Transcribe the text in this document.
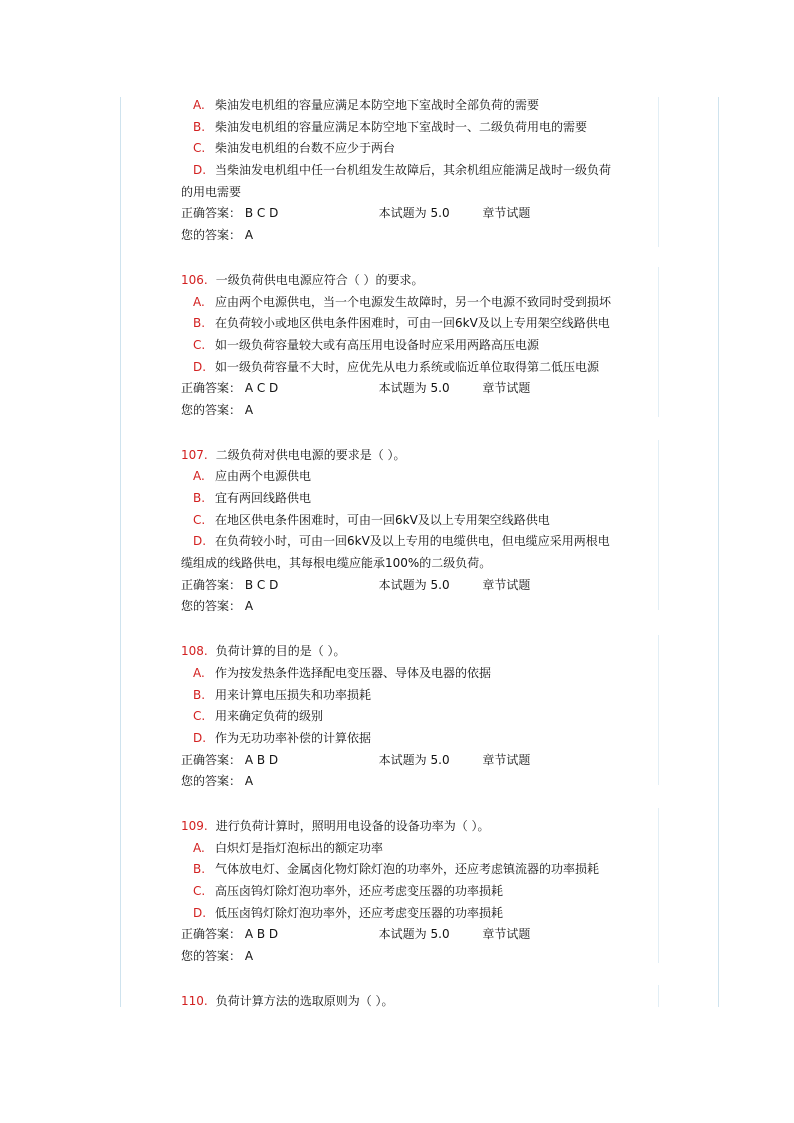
A. 柴油发电机组的容量应满足本防空地下室战时全部负荷的需要
B. 柴油发电机组的容量应满足本防空地下室战时一、二级负荷用电的需要
C. 柴油发电机组的台数不应少于两台
D. 当柴油发电机组中任一台机组发生故障后，其余机组应能满足战时一级负荷
的用电需要
正确答案： B C D	本试题为 5.0	章节试题
您的答案： A
106. 一级负荷供电电源应符合（ ）的要求。
A. 应由两个电源供电，当一个电源发生故障时，另一个电源不致同时受到损坏
B. 在负荷较小或地区供电条件困难时，可由一回6kV及以上专用架空线路供电
C. 如一级负荷容量较大或有高压用电设备时应采用两路高压电源
D. 如一级负荷容量不大时，应优先从电力系统或临近单位取得第二低压电源
正确答案： A C D	本试题为 5.0	章节试题
您的答案： A
107. 二级负荷对供电电源的要求是（ ）。
A. 应由两个电源供电
B. 宜有两回线路供电
C. 在地区供电条件困难时，可由一回6kV及以上专用架空线路供电
D. 在负荷较小时，可由一回6kV及以上专用的电缆供电，但电缆应采用两根电
缆组成的线路供电，其每根电缆应能承100%的二级负荷。
正确答案： B C D	本试题为 5.0	章节试题
您的答案： A
108. 负荷计算的目的是（ ）。
A. 作为按发热条件选择配电变压器、导体及电器的依据
B. 用来计算电压损失和功率损耗
C. 用来确定负荷的级别
D. 作为无功功率补偿的计算依据
正确答案： A B D	本试题为 5.0	章节试题
您的答案： A
109. 进行负荷计算时，照明用电设备的设备功率为（ ）。
A. 白炽灯是指灯泡标出的额定功率
B. 气体放电灯、金属卤化物灯除灯泡的功率外，还应考虑镇流器的功率损耗
C. 高压卤钨灯除灯泡功率外，还应考虑变压器的功率损耗
D. 低压卤钨灯除灯泡功率外，还应考虑变压器的功率损耗
正确答案： A B D	本试题为 5.0	章节试题
您的答案： A
110. 负荷计算方法的选取原则为（ ）。
